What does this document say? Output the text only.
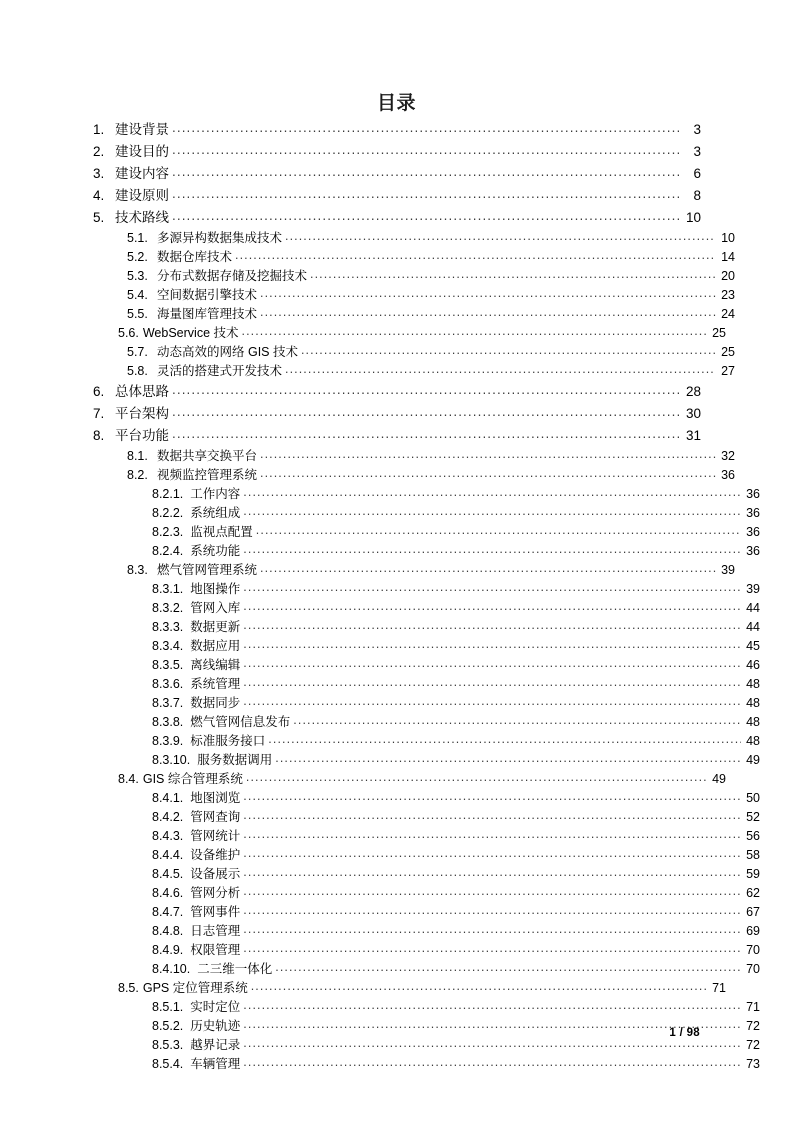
目录
1. 建设背景 .....	3
2. 建设目的 .....	3
3. 建设内容 .....	6
4. 建设原则 .....	8
5. 技术路线 .....	10
5.1. 多源异构数据集成技术 .....	10
5.2. 数据仓库技术 .....	14
5.3. 分布式数据存储及挖掘技术 .....	20
5.4. 空间数据引擎技术 .....	23
5.5. 海量图库管理技术 .....	24
5.6. WebService 技术 .....	25
5.7. 动态高效的网络 GIS 技术 .....	25
5.8. 灵活的搭建式开发技术 .....	27
6. 总体思路 .....	28
7. 平台架构 .....	30
8. 平台功能 .....	31
8.1. 数据共享交换平台 .....	32
8.2. 视频监控管理系统 .....	36
8.2.1. 工作内容 .....	36
8.2.2. 系统组成 .....	36
8.2.3. 监视点配置 .....	36
8.2.4. 系统功能 .....	36
8.3. 燃气管网管理系统 .....	39
8.3.1. 地图操作 .....	39
8.3.2. 管网入库 .....	44
8.3.3. 数据更新 .....	44
8.3.4. 数据应用 .....	45
8.3.5. 离线编辑 .....	46
8.3.6. 系统管理 .....	48
8.3.7. 数据同步 .....	48
8.3.8. 燃气管网信息发布 .....	48
8.3.9. 标准服务接口 .....	48
8.3.10. 服务数据调用 .....	49
8.4. GIS 综合管理系统 .....	49
8.4.1. 地图浏览 .....	50
8.4.2. 管网查询 .....	52
8.4.3. 管网统计 .....	56
8.4.4. 设备维护 .....	58
8.4.5. 设备展示 .....	59
8.4.6. 管网分析 .....	62
8.4.7. 管网事件 .....	67
8.4.8. 日志管理 .....	69
8.4.9. 权限管理 .....	70
8.4.10. 二三维一体化 .....	70
8.5. GPS 定位管理系统 .....	71
8.5.1. 实时定位 .....	71
8.5.2. 历史轨迹 .....	72
8.5.3. 越界记录 .....	72
8.5.4. 车辆管理 .....	73
1 / 98
